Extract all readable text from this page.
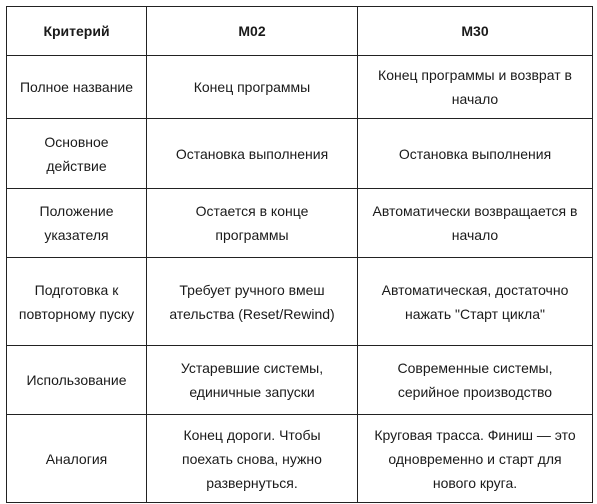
Критерий	M02	M30
Полное название	Конец программы	Конец программы и возврат в начало
Основное действие	Остановка выполнения	Остановка выполнения
Положение указателя	Остается в конце программы	Автоматически возвращается в начало
Подготовка к повторному пуску	Требует ручного вмеш ательства (Reset/Rewind)	Автоматическая, достаточно нажать "Старт цикла"
Использование	Устаревшие системы, единичные запуски	Современные системы, серийное производство
Аналогия	Конец дороги. Чтобы поехать снова, нужно развернуться.	Круговая трасса. Финиш — это одновременно и старт для нового круга.
